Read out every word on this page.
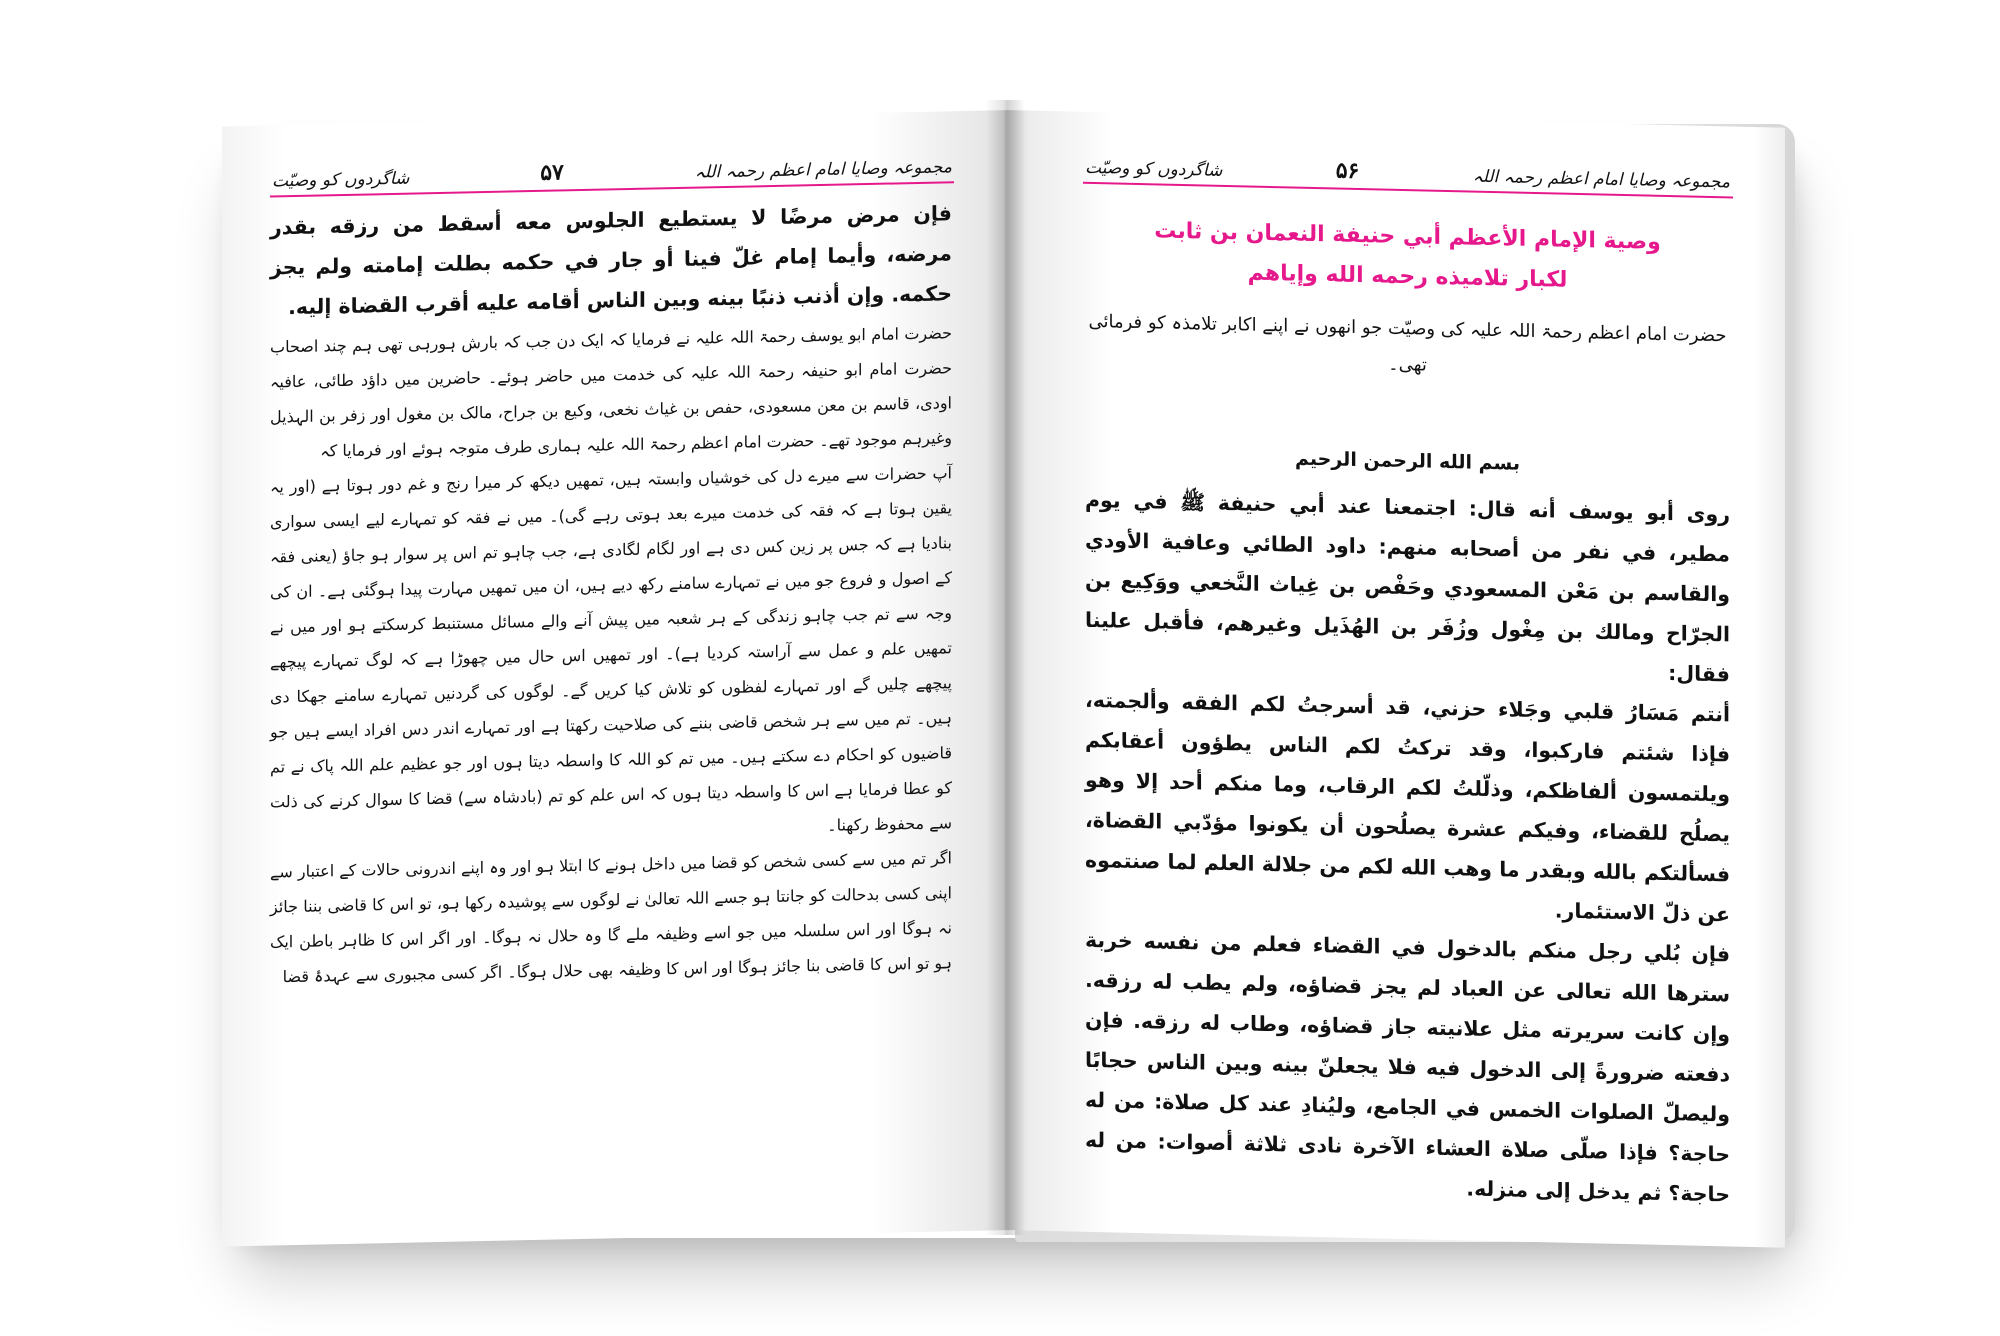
مجموعہ وصایا امام اعظم رحمہ اللہ
۵۷
شاگردوں کو وصیّت

فإن مرض مرضًا لا يستطيع الجلوس معه أسقط من رزقه بقدر مرضه، وأيما إمام غلّ فينا أو جار في حكمه بطلت إمامته ولم يجز حكمه. وإن أذنب ذنبًا بينه وبين الناس أقامه عليه أقرب القضاة إليه.

حضرت امام ابو یوسف رحمۃ اللہ علیہ نے فرمایا کہ ایک دن جب کہ بارش ہورہی تھی ہم چند اصحاب حضرت امام ابو حنیفہ رحمۃ اللہ علیہ کی خدمت میں حاضر ہوئے۔ حاضرین میں داؤد طائی، عافیہ اودی، قاسم بن معن مسعودی، حفص بن غیاث نخعی، وکیع بن جراح، مالک بن مغول اور زفر بن الہذیل وغیرہم موجود تھے۔ حضرت امام اعظم رحمۃ اللہ علیہ ہماری طرف متوجہ ہوئے اور فرمایا کہ

آپ حضرات سے میرے دل کی خوشیاں وابستہ ہیں، تمھیں دیکھ کر میرا رنج و غم دور ہوتا ہے (اور یہ یقین ہوتا ہے کہ فقہ کی خدمت میرے بعد ہوتی رہے گی)۔ میں نے فقہ کو تمہارے لیے ایسی سواری بنادیا ہے کہ جس پر زین کس دی ہے اور لگام لگادی ہے، جب چاہو تم اس پر سوار ہو جاؤ (یعنی فقہ کے اصول و فروع جو میں نے تمہارے سامنے رکھ دیے ہیں، ان میں تمھیں مہارت پیدا ہوگئی ہے۔ ان کی وجہ سے تم جب چاہو زندگی کے ہر شعبہ میں پیش آنے والے مسائل مستنبط کرسکتے ہو اور میں نے تمھیں علم و عمل سے آراستہ کردیا ہے)۔ اور تمھیں اس حال میں چھوڑا ہے کہ لوگ تمہارے پیچھے پیچھے چلیں گے اور تمہارے لفظوں کو تلاش کیا کریں گے۔ لوگوں کی گردنیں تمہارے سامنے جھکا دی ہیں۔ تم میں سے ہر شخص قاضی بننے کی صلاحیت رکھتا ہے اور تمہارے اندر دس افراد ایسے ہیں جو قاضیوں کو احکام دے سکتے ہیں۔ میں تم کو اللہ کا واسطہ دیتا ہوں اور جو عظیم علم اللہ پاک نے تم کو عطا فرمایا ہے اس کا واسطہ دیتا ہوں کہ اس علم کو تم (بادشاہ سے) قضا کا سوال کرنے کی ذلت سے محفوظ رکھنا۔

اگر تم میں سے کسی شخص کو قضا میں داخل ہونے کا ابتلا ہو اور وہ اپنے اندرونی حالات کے اعتبار سے اپنی کسی بدحالت کو جانتا ہو جسے اللہ تعالیٰ نے لوگوں سے پوشیدہ رکھا ہو، تو اس کا قاضی بننا جائز نہ ہوگا اور اس سلسلہ میں جو اسے وظیفہ ملے گا وہ حلال نہ ہوگا۔ اور اگر اس کا ظاہر باطن ایک ہو تو اس کا قاضی بنا جائز ہوگا اور اس کا وظیفہ بھی حلال ہوگا۔ اگر کسی مجبوری سے عہدۂ قضا

مجموعہ وصایا امام اعظم رحمہ اللہ
۵۶
شاگردوں کو وصیّت
وصية الإمام الأعظم أبي حنيفة النعمان بن ثابت
لكبار تلاميذه رحمه الله وإياهم

حضرت امام اعظم رحمۃ اللہ علیہ کی وصیّت جو انھوں نے اپنے اکابر تلامذہ کو فرمائی تھی۔

بسم الله الرحمن الرحيم

روى أبو يوسف أنه قال: اجتمعنا عند أبي حنيفة ﷺ في يوم مطير، في نفر من أصحابه منهم: داود الطائي وعافية الأودي والقاسم بن مَعْن المسعودي وحَفْص بن غِياث النَّخعي ووَكِيع بن الجرّاح ومالك بن مِغْول وزُفَر بن الهُذَيل وغيرهم، فأقبل علينا فقال:

أنتم مَسَارُ قلبي وجَلاء حزني، قد أسرجتُ لكم الفقه وألجمته، فإذا شئتم فاركبوا، وقد تركتُ لكم الناس يطؤون أعقابكم ويلتمسون ألفاظكم، وذلّلتُ لكم الرقاب، وما منكم أحد إلا وهو يصلُح للقضاء، وفيكم عشرة يصلُحون أن يكونوا مؤدّبي القضاة، فسألتكم بالله وبقدر ما وهب الله لكم من جلالة العلم لما صنتموه عن ذلّ الاستئمار.

فإن بُلي رجل منكم بالدخول في القضاء فعلم من نفسه خربة سترها الله تعالى عن العباد لم يجز قضاؤه، ولم يطب له رزقه. وإن كانت سريرته مثل علانيته جاز قضاؤه، وطاب له رزقه. فإن دفعته ضرورةً إلى الدخول فيه فلا يجعلنّ بينه وبين الناس حجابًا وليصلّ الصلوات الخمس في الجامع، وليُنادِ عند كل صلاة: من له حاجة؟ فإذا صلّى صلاة العشاء الآخرة نادى ثلاثة أصوات: من له حاجة؟ ثم يدخل إلى منزله.
